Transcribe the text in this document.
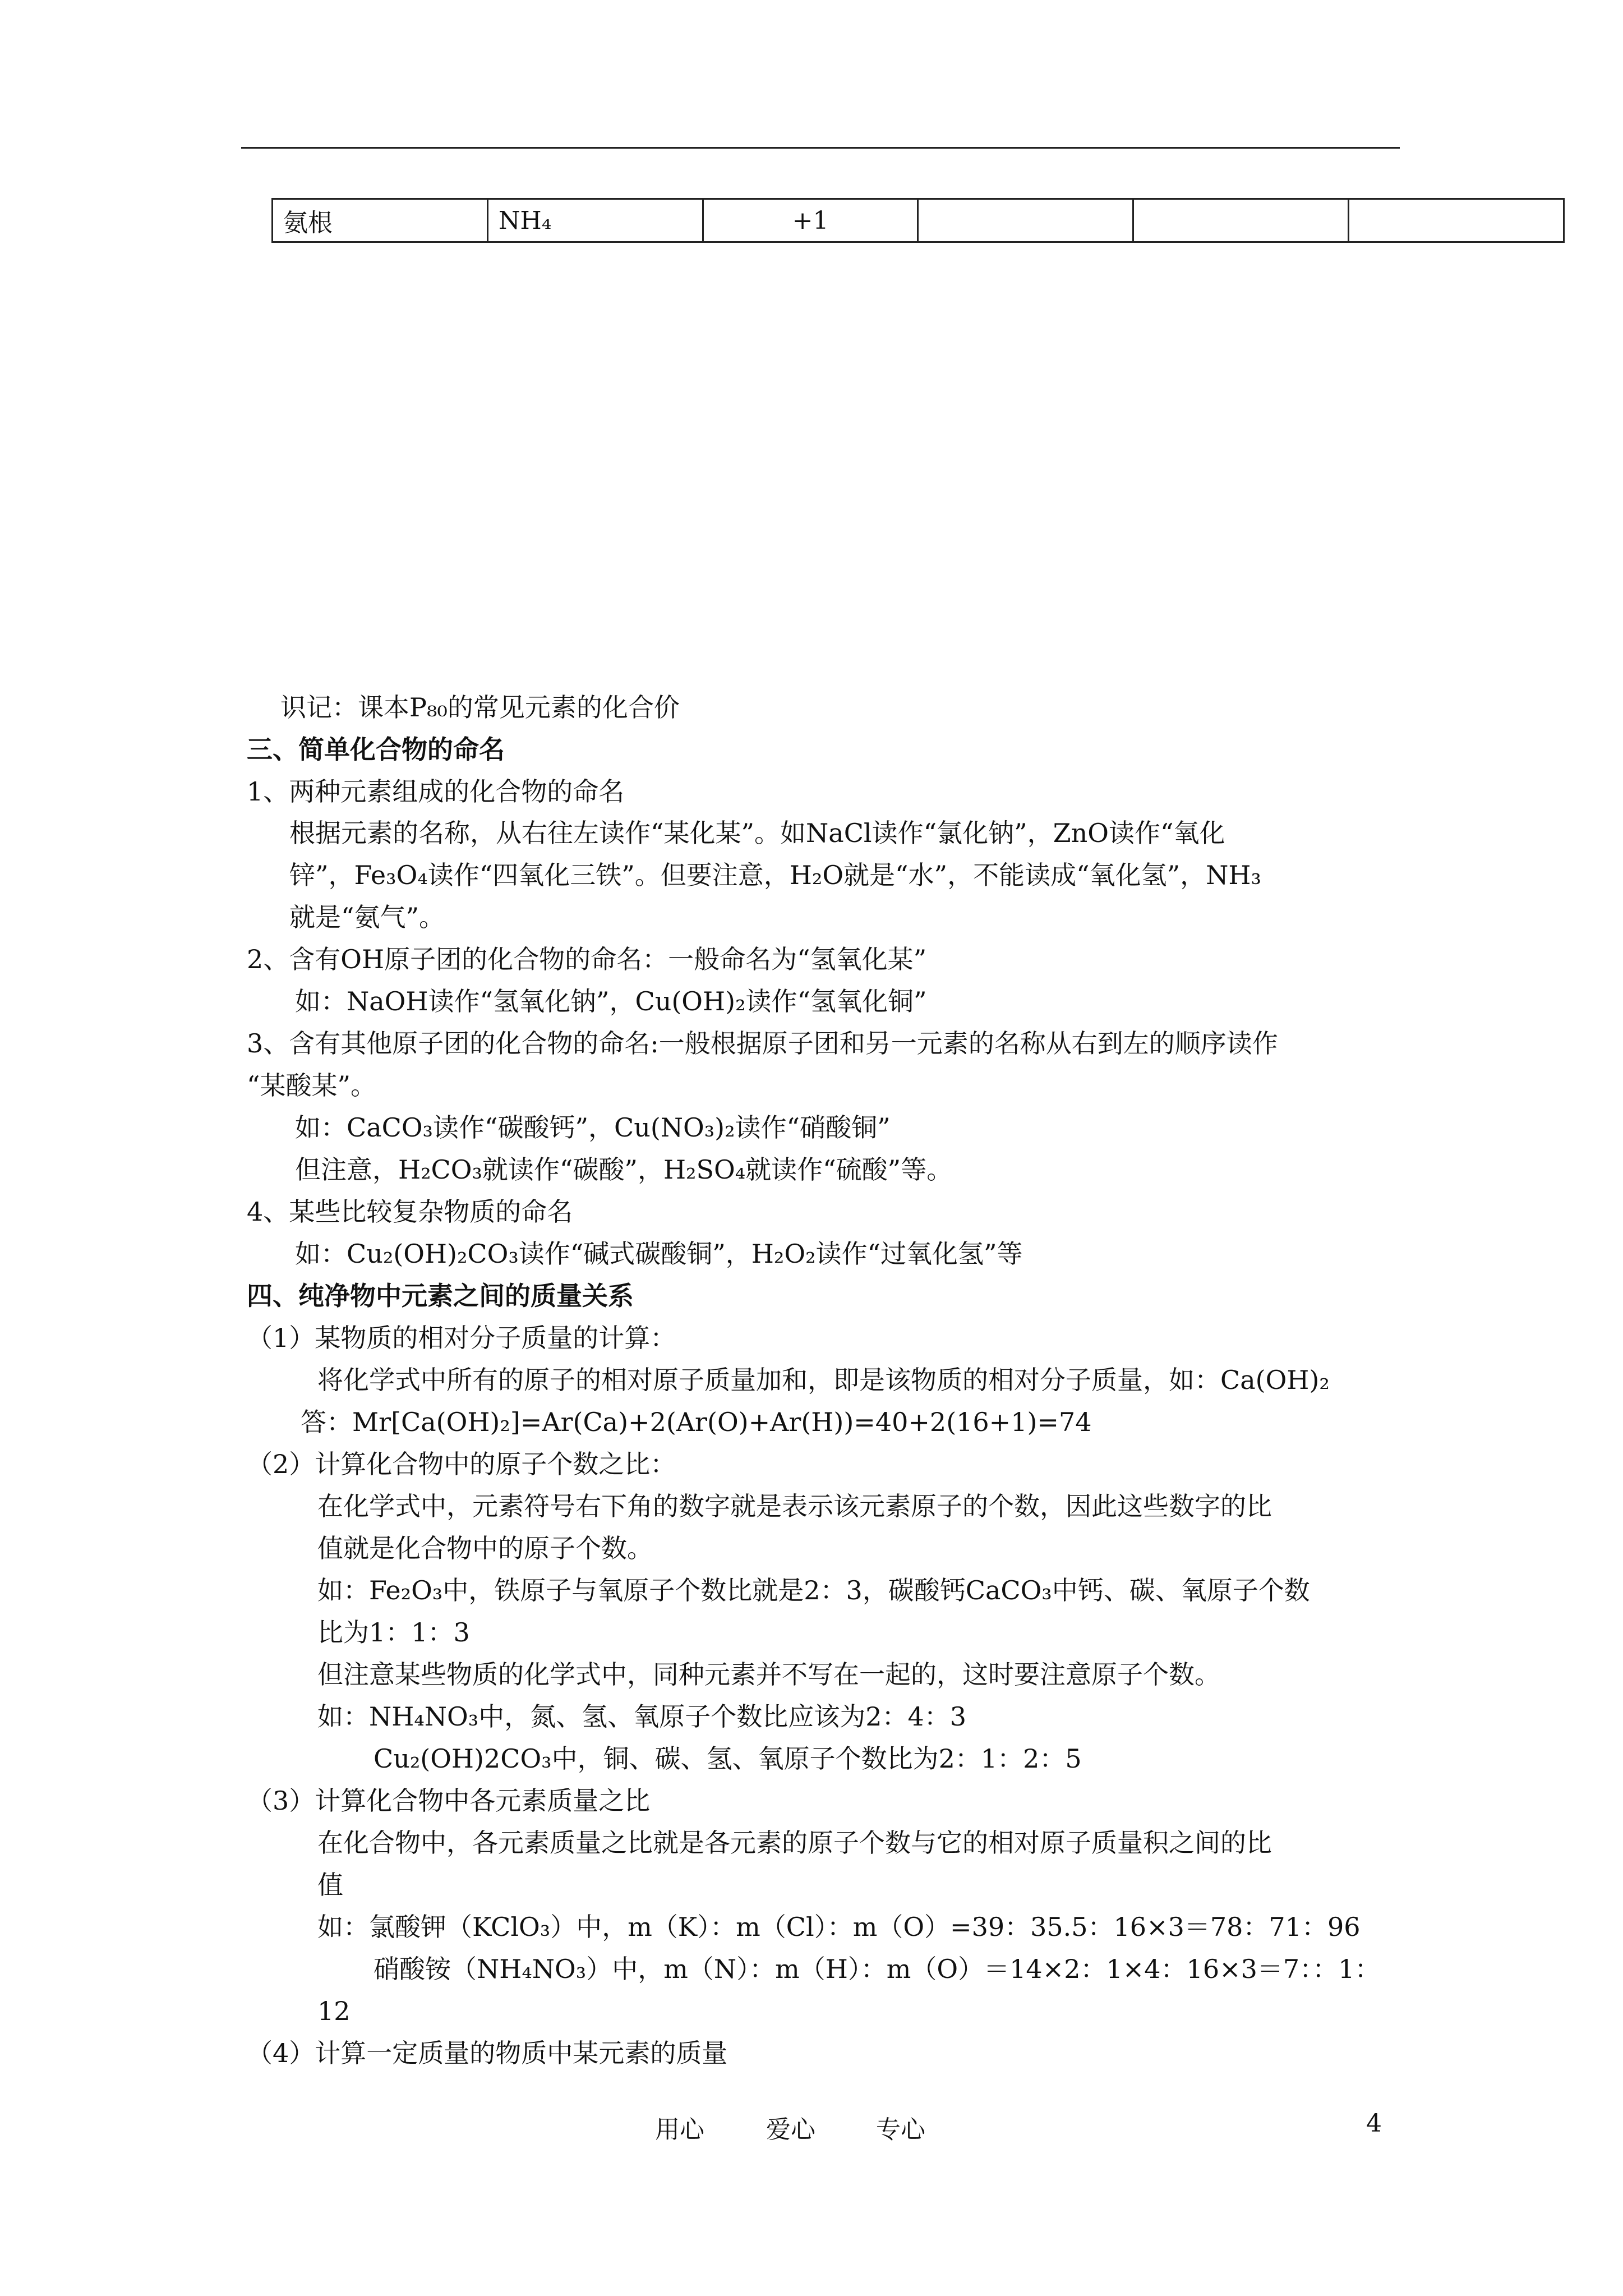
氨根	NH₄	+1			
识记：课本P₈₀的常见元素的化合价
三、简单化合物的命名
1、两种元素组成的化合物的命名
根据元素的名称，从右往左读作“某化某”。如NaCl读作“氯化钠”，ZnO读作“氧化
锌”，Fe₃O₄读作“四氧化三铁”。但要注意，H₂O就是“水”，不能读成“氧化氢”，NH₃
就是“氨气”。
2、含有OH原子团的化合物的命名：一般命名为“氢氧化某”
如：NaOH读作“氢氧化钠”，Cu(OH)₂读作“氢氧化铜”
3、含有其他原子团的化合物的命名:一般根据原子团和另一元素的名称从右到左的顺序读作
“某酸某”。
如：CaCO₃读作“碳酸钙”，Cu(NO₃)₂读作“硝酸铜”
但注意，H₂CO₃就读作“碳酸”，H₂SO₄就读作“硫酸”等。
4、某些比较复杂物质的命名
如：Cu₂(OH)₂CO₃读作“碱式碳酸铜”，H₂O₂读作“过氧化氢”等
四、纯净物中元素之间的质量关系
（1）某物质的相对分子质量的计算：
将化学式中所有的原子的相对原子质量加和，即是该物质的相对分子质量，如：Ca(OH)₂
答：Mr[Ca(OH)₂]=Ar(Ca)+2(Ar(O)+Ar(H))=40+2(16+1)=74
（2）计算化合物中的原子个数之比：
在化学式中，元素符号右下角的数字就是表示该元素原子的个数，因此这些数字的比
值就是化合物中的原子个数。
如：Fe₂O₃中，铁原子与氧原子个数比就是2：3，碳酸钙CaCO₃中钙、碳、氧原子个数
比为1：1：3
但注意某些物质的化学式中，同种元素并不写在一起的，这时要注意原子个数。
如：NH₄NO₃中，氮、氢、氧原子个数比应该为2：4：3
Cu₂(OH)2CO₃中，铜、碳、氢、氧原子个数比为2：1：2：5
（3）计算化合物中各元素质量之比
在化合物中，各元素质量之比就是各元素的原子个数与它的相对原子质量积之间的比
值
如：氯酸钾（KClO₃）中，m（K）：m（Cl）：m（O）=39：35.5：16×3＝78：71：96
硝酸铵（NH₄NO₃）中，m（N）：m（H）：m（O）＝14×2：1×4：16×3＝7：：1：
12
（4）计算一定质量的物质中某元素的质量
用心	爱心 专心	4
